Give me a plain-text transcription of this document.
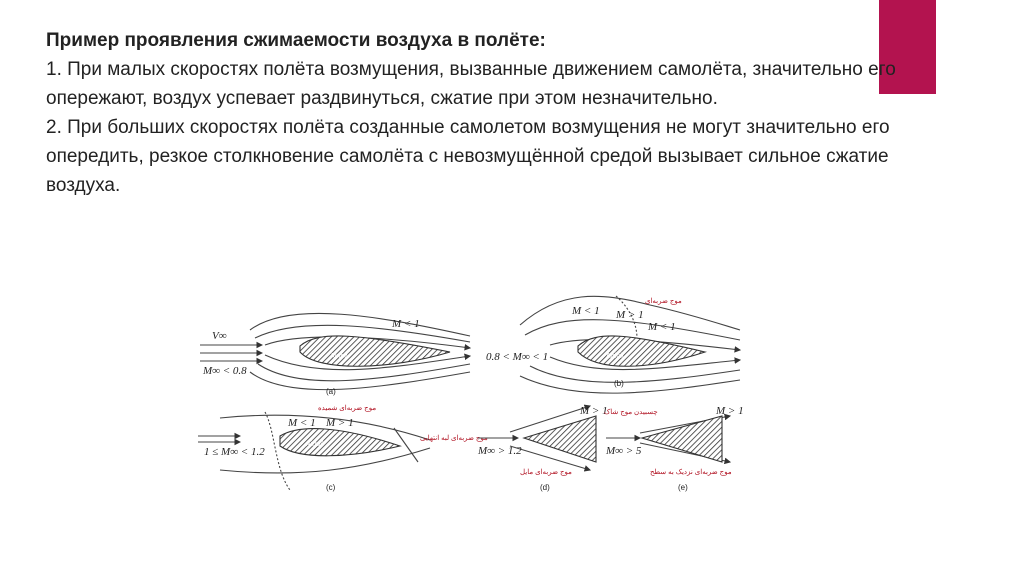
Пример проявления сжимаемости воздуха в полёте:

1. При малых скоростях полёта возмущения, вызванные движением самолёта, значительно его опережают, воздух успевает раздвинуться, сжатие при этом незначительно.

2. При больших скоростях полёта созданные самолетом возмущения не могут значительно его опередить, резкое столкновение самолёта с невозмущённой средой вызывает сильное сжатие воздуха.

V∞
M∞ < 0.8
M < 1
Airfoil
(a)
0.8 < M∞ < 1
M < 1 M > 1
M < 1
موج ضربه‌ای
Airfoil
(b)
1 ≤ M∞ < 1.2
M < 1 M > 1
موج ضربه‌ای شمیده
موج ضربه‌ای لبه انتهایی
Airfoil
(c)
M∞ > 1.2
M > 1
چسبیدن موج شاک
موج ضربه‌ای مایل
(d)
M∞ > 5
M > 1
موج ضربه‌ای نزدیک به سطح
(e)
